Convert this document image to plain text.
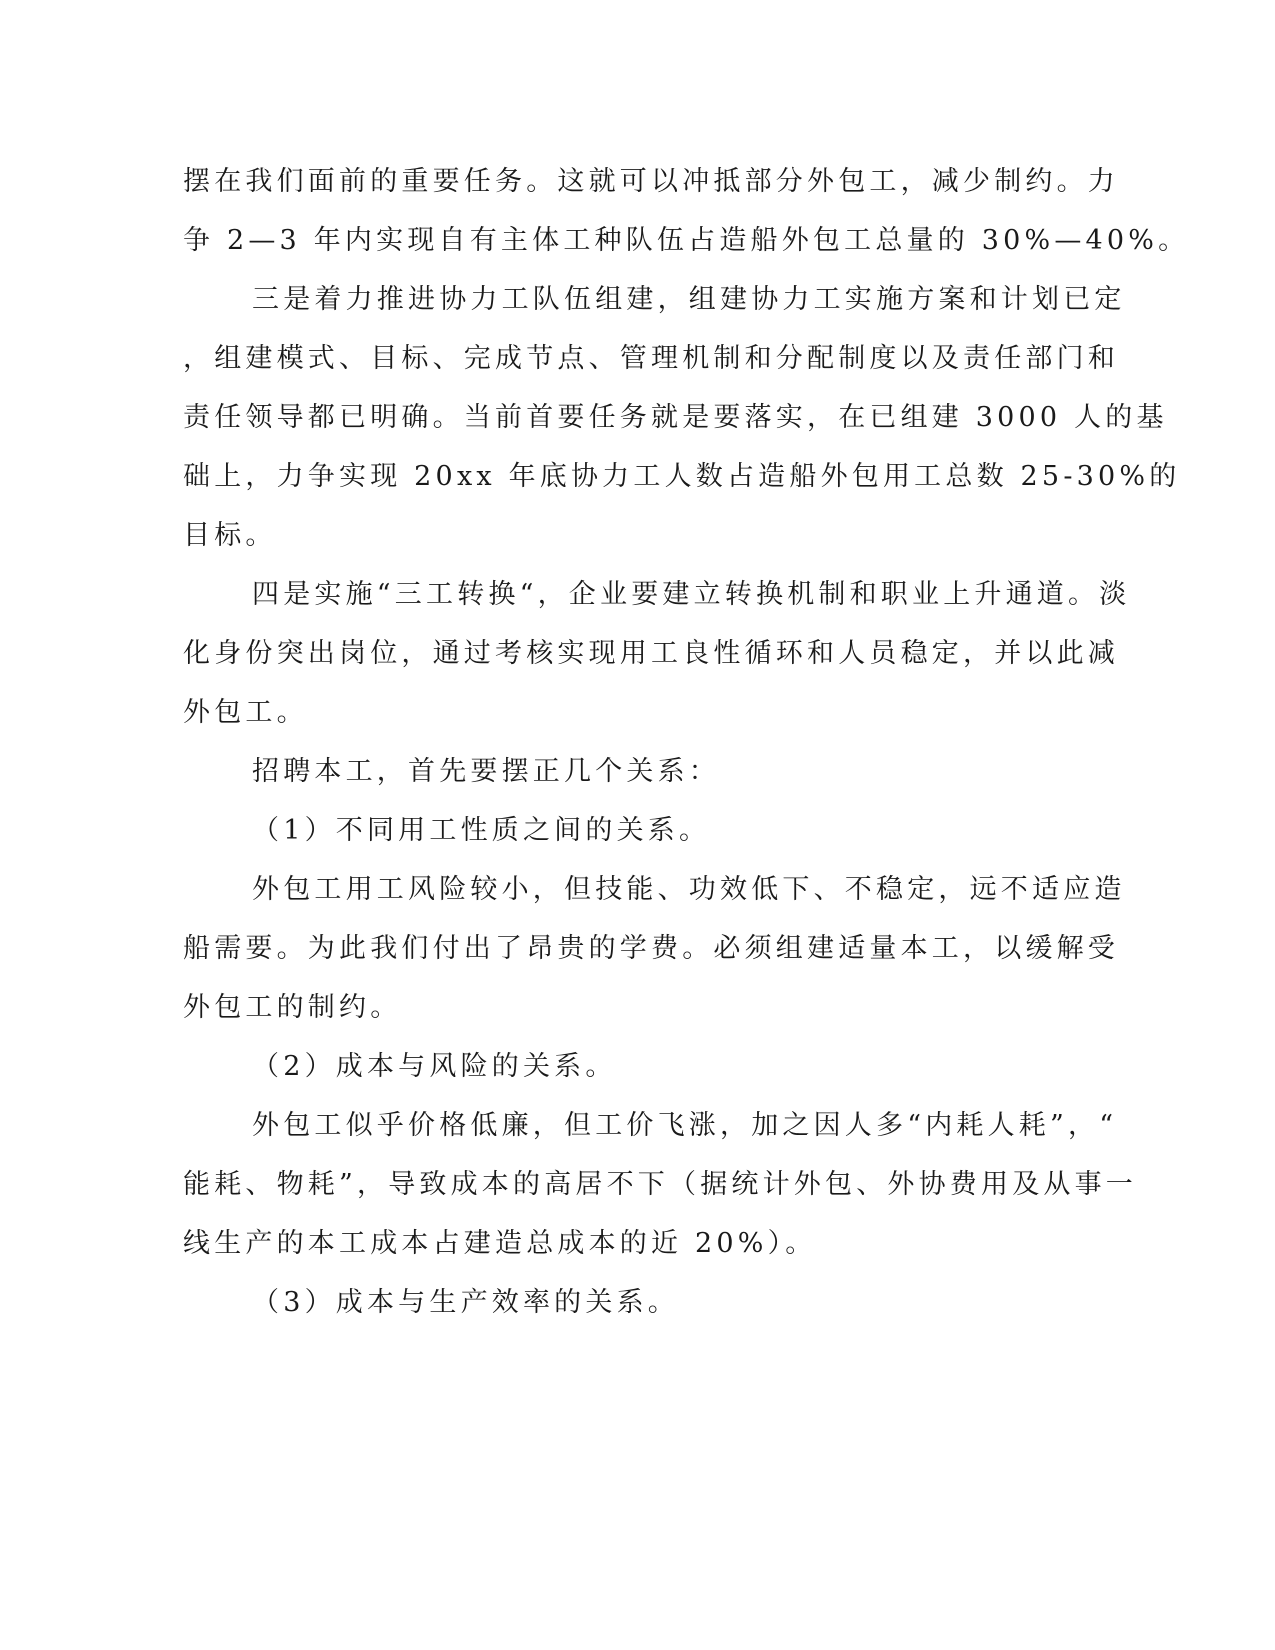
摆在我们面前的重要任务。这就可以冲抵部分外包工，减少制约。力
争 2—3 年内实现自有主体工种队伍占造船外包工总量的 30%—40%。
三是着力推进协力工队伍组建，组建协力工实施方案和计划已定
，组建模式、目标、完成节点、管理机制和分配制度以及责任部门和
责任领导都已明确。当前首要任务就是要落实，在已组建 3000 人的基
础上，力争实现 20xx 年底协力工人数占造船外包用工总数 25-30%的
目标。
四是实施“三工转换“，企业要建立转换机制和职业上升通道。淡
化身份突出岗位，通过考核实现用工良性循环和人员稳定，并以此减
外包工。
招聘本工，首先要摆正几个关系：
（1）不同用工性质之间的关系。
外包工用工风险较小，但技能、功效低下、不稳定，远不适应造
船需要。为此我们付出了昂贵的学费。必须组建适量本工，以缓解受
外包工的制约。
（2）成本与风险的关系。
外包工似乎价格低廉，但工价飞涨，加之因人多“内耗人耗”，“
能耗、物耗”，导致成本的高居不下（据统计外包、外协费用及从事一
线生产的本工成本占建造总成本的近 20%）。
（3）成本与生产效率的关系。
